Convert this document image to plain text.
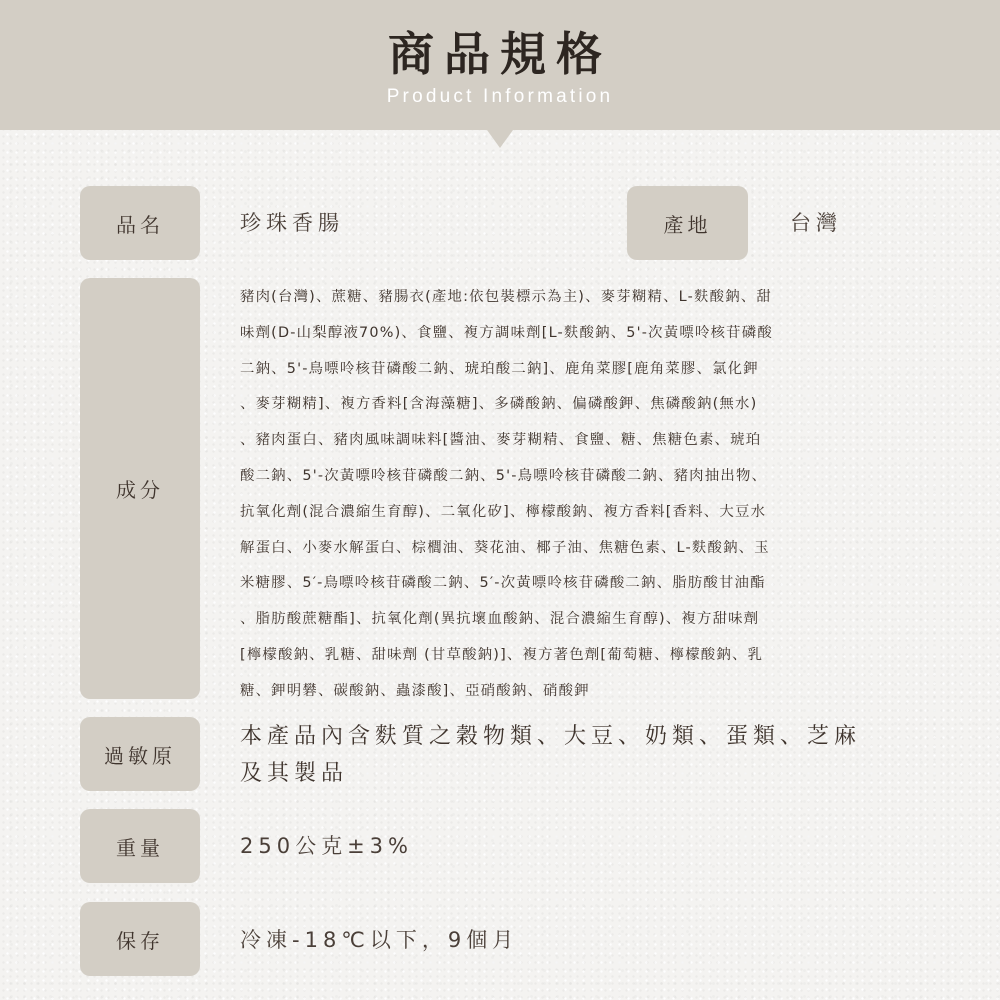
商品規格
Product Information
品名	珍珠香腸	產地	台灣
成分
豬肉(台灣)、蔗糖、豬腸衣(產地:依包裝標示為主)、麥芽糊精、L-麩酸鈉、甜
味劑(D-山梨醇液70%)、食鹽、複方調味劑[L-麩酸鈉、5'-次黃嘌呤核苷磷酸
二鈉、5'-鳥嘌呤核苷磷酸二鈉、琥珀酸二鈉]、鹿角菜膠[鹿角菜膠、氯化鉀
、麥芽糊精]、複方香料[含海藻糖]、多磷酸鈉、偏磷酸鉀、焦磷酸鈉(無水)
、豬肉蛋白、豬肉風味調味料[醬油、麥芽糊精、食鹽、糖、焦糖色素、琥珀
酸二鈉、5'-次黃嘌呤核苷磷酸二鈉、5'-鳥嘌呤核苷磷酸二鈉、豬肉抽出物、
抗氧化劑(混合濃縮生育醇)、二氧化矽]、檸檬酸鈉、複方香料[香料、大豆水
解蛋白、小麥水解蛋白、棕櫚油、葵花油、椰子油、焦糖色素、L-麩酸鈉、玉
米糖膠、5′-鳥嘌呤核苷磷酸二鈉、5′-次黃嘌呤核苷磷酸二鈉、脂肪酸甘油酯
、脂肪酸蔗糖酯]、抗氧化劑(異抗壞血酸鈉、混合濃縮生育醇)、複方甜味劑
[檸檬酸鈉、乳糖、甜味劑 (甘草酸鈉)]、複方著色劑[葡萄糖、檸檬酸鈉、乳
糖、鉀明礬、碳酸鈉、蟲漆酸]、亞硝酸鈉、硝酸鉀
過敏原
本產品內含麩質之穀物類、大豆、奶類、蛋類、芝麻
及其製品
重量	250公克±3%
保存	冷凍-18℃以下，9個月
